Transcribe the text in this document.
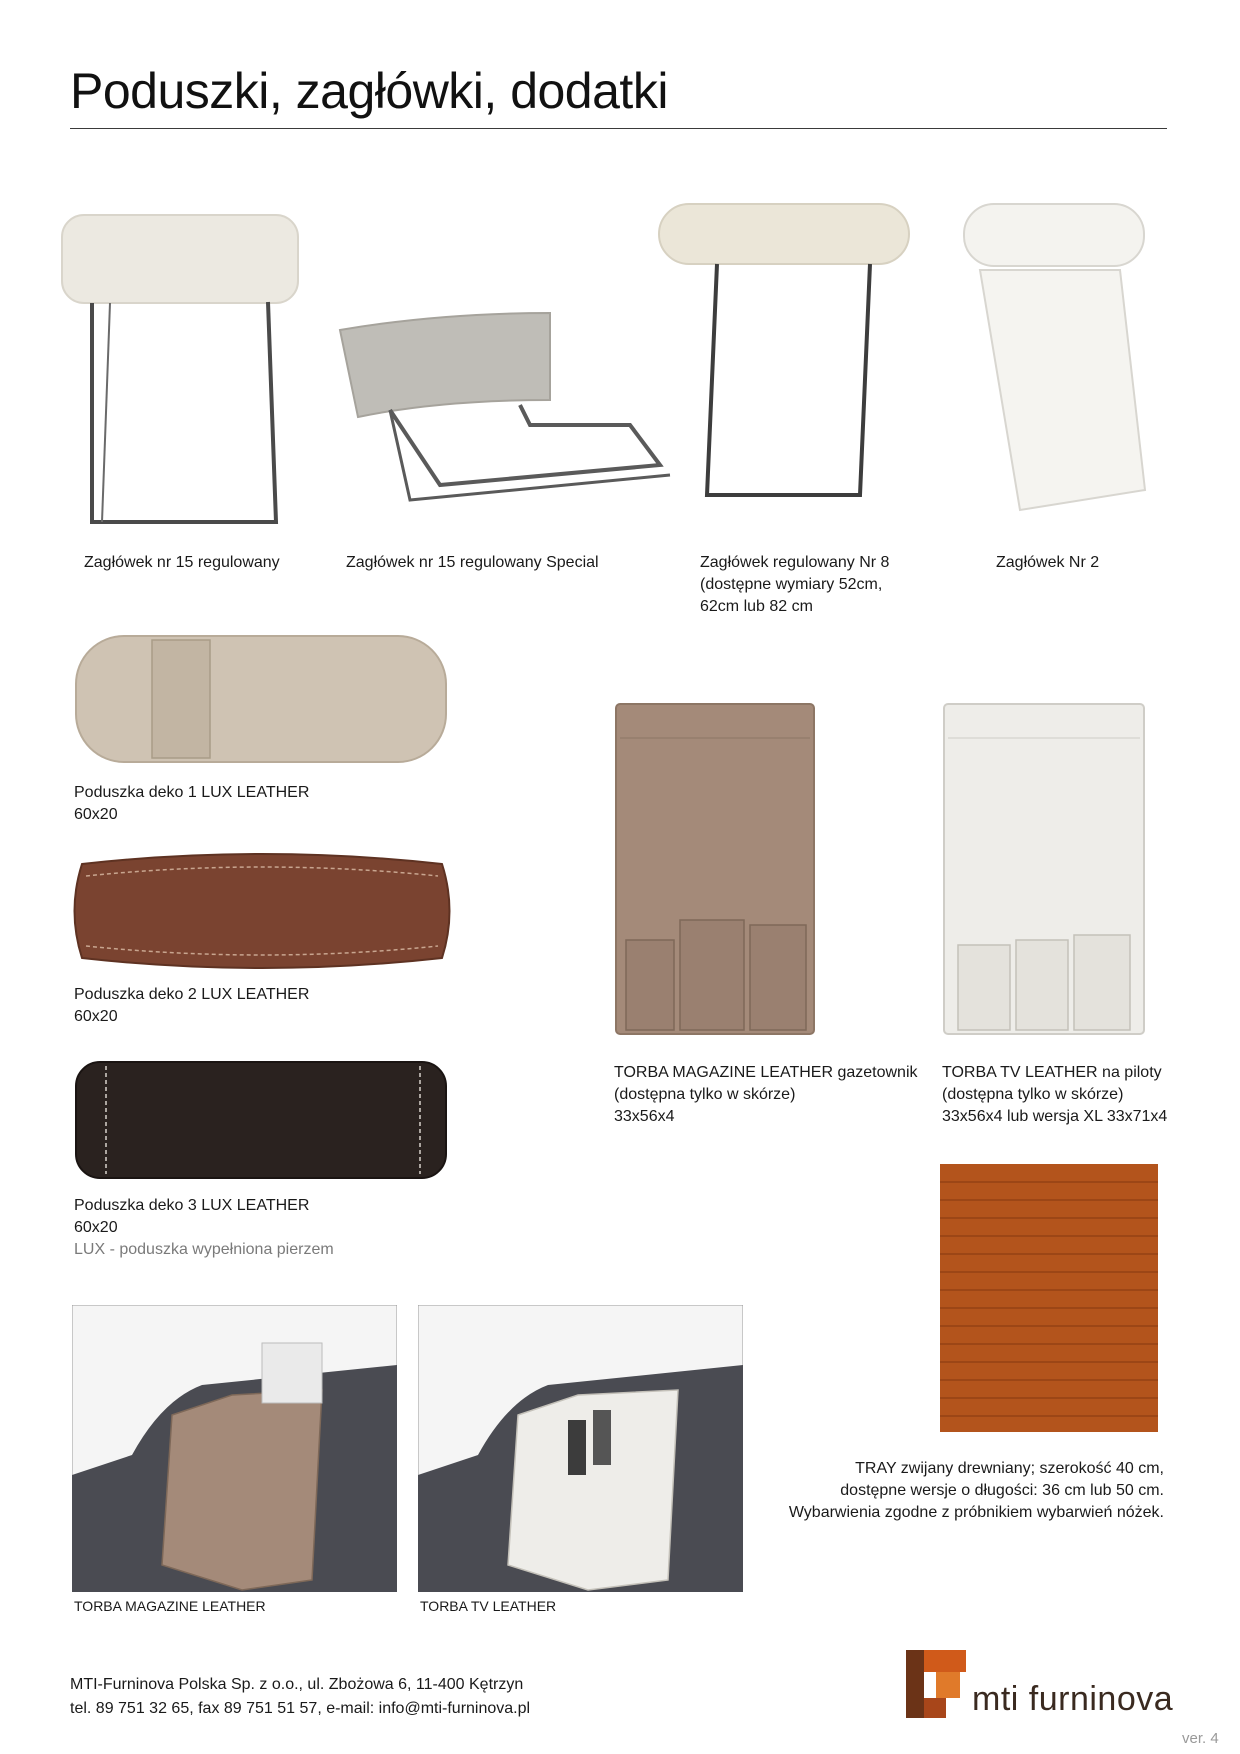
Poduszki, zagłówki, dodatki
Zagłówek nr 15 regulowany	Zagłówek nr 15 regulowany Special	Zagłówek regulowany Nr 8
(dostępne wymiary 52cm,
62cm lub 82 cm
Zagłówek Nr 2
Poduszka deko 1 LUX LEATHER
60x20
Poduszka deko 2 LUX LEATHER
60x20
Poduszka deko 3 LUX LEATHER
60x20
LUX - poduszka wypełniona pierzem
TORBA MAGAZINE LEATHER gazetownik
(dostępna tylko w skórze)
33x56x4
TORBA TV LEATHER na piloty
(dostępna tylko w skórze)
33x56x4 lub wersja XL 33x71x4
TRAY zwijany drewniany; szerokość 40 cm,
dostępne wersje o długości: 36 cm lub 50 cm.
Wybarwienia zgodne z próbnikiem wybarwień nóżek.
TORBA MAGAZINE LEATHER	TORBA TV LEATHER
MTI-Furninova Polska Sp. z o.o., ul. Zbożowa 6, 11-400 Kętrzyn
tel. 89 751 32 65, fax 89 751 51 57, e-mail: info@mti-furninova.pl	mti furninova
ver. 4
